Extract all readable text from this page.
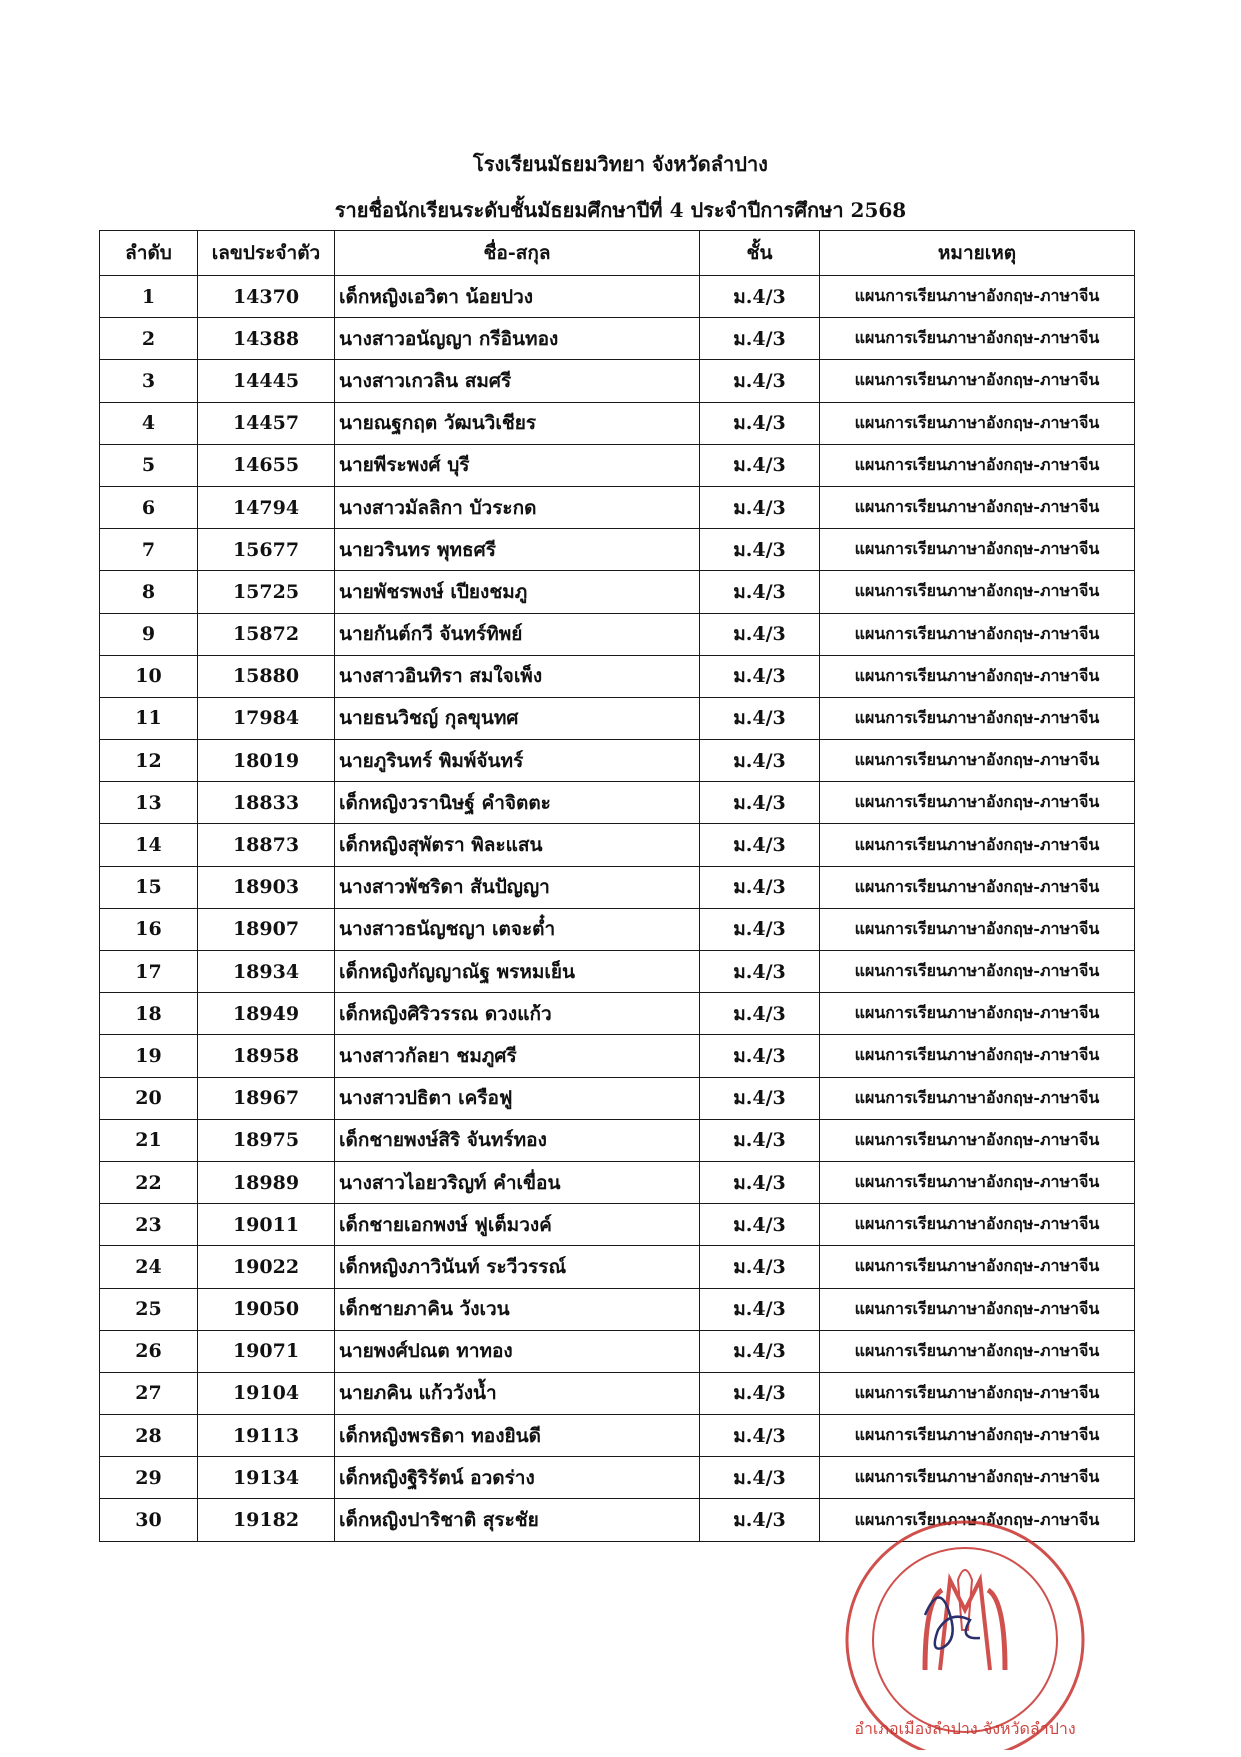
โรงเรียนมัธยมวิทยา จังหวัดลำปาง
รายชื่อนักเรียนระดับชั้นมัธยมศึกษาปีที่ 4 ประจำปีการศึกษา 2568
ลำดับ	เลขประจำตัว	ชื่อ-สกุล	ชั้น	หมายเหตุ
1	14370	เด็กหญิงเอวิตา น้อยปวง	ม.4/3	แผนการเรียนภาษาอังกฤษ-ภาษาจีน
2	14388	นางสาวอนัญญา กรีอินทอง	ม.4/3	แผนการเรียนภาษาอังกฤษ-ภาษาจีน
3	14445	นางสาวเกวลิน สมศรี	ม.4/3	แผนการเรียนภาษาอังกฤษ-ภาษาจีน
4	14457	นายณฐกฤต วัฒนวิเชียร	ม.4/3	แผนการเรียนภาษาอังกฤษ-ภาษาจีน
5	14655	นายพีระพงศ์ บุรี	ม.4/3	แผนการเรียนภาษาอังกฤษ-ภาษาจีน
6	14794	นางสาวมัลลิกา บัวระกด	ม.4/3	แผนการเรียนภาษาอังกฤษ-ภาษาจีน
7	15677	นายวรินทร พุทธศรี	ม.4/3	แผนการเรียนภาษาอังกฤษ-ภาษาจีน
8	15725	นายพัชรพงษ์ เปียงชมภู	ม.4/3	แผนการเรียนภาษาอังกฤษ-ภาษาจีน
9	15872	นายกันต์กวี จันทร์ทิพย์	ม.4/3	แผนการเรียนภาษาอังกฤษ-ภาษาจีน
10	15880	นางสาวอินทิรา สมใจเพ็ง	ม.4/3	แผนการเรียนภาษาอังกฤษ-ภาษาจีน
11	17984	นายธนวิชญ์ กุลขุนทศ	ม.4/3	แผนการเรียนภาษาอังกฤษ-ภาษาจีน
12	18019	นายภูรินทร์ พิมพ์จันทร์	ม.4/3	แผนการเรียนภาษาอังกฤษ-ภาษาจีน
13	18833	เด็กหญิงวรานิษฐ์ คำจิตตะ	ม.4/3	แผนการเรียนภาษาอังกฤษ-ภาษาจีน
14	18873	เด็กหญิงสุพัตรา พิละแสน	ม.4/3	แผนการเรียนภาษาอังกฤษ-ภาษาจีน
15	18903	นางสาวพัชริดา สันปัญญา	ม.4/3	แผนการเรียนภาษาอังกฤษ-ภาษาจีน
16	18907	นางสาวธนัญชญา เตจะต๋ำ	ม.4/3	แผนการเรียนภาษาอังกฤษ-ภาษาจีน
17	18934	เด็กหญิงกัญญาณัฐ พรหมเย็น	ม.4/3	แผนการเรียนภาษาอังกฤษ-ภาษาจีน
18	18949	เด็กหญิงศิริวรรณ ดวงแก้ว	ม.4/3	แผนการเรียนภาษาอังกฤษ-ภาษาจีน
19	18958	นางสาวกัลยา ชมภูศรี	ม.4/3	แผนการเรียนภาษาอังกฤษ-ภาษาจีน
20	18967	นางสาวปธิตา เครือฟู	ม.4/3	แผนการเรียนภาษาอังกฤษ-ภาษาจีน
21	18975	เด็กชายพงษ์สิริ จันทร์ทอง	ม.4/3	แผนการเรียนภาษาอังกฤษ-ภาษาจีน
22	18989	นางสาวไอยวริญท์ คำเขื่อน	ม.4/3	แผนการเรียนภาษาอังกฤษ-ภาษาจีน
23	19011	เด็กชายเอกพงษ์ ฟูเต็มวงค์	ม.4/3	แผนการเรียนภาษาอังกฤษ-ภาษาจีน
24	19022	เด็กหญิงภาวินันท์ ระวีวรรณ์	ม.4/3	แผนการเรียนภาษาอังกฤษ-ภาษาจีน
25	19050	เด็กชายภาคิน วังเวน	ม.4/3	แผนการเรียนภาษาอังกฤษ-ภาษาจีน
26	19071	นายพงศ์ปณต ทาทอง	ม.4/3	แผนการเรียนภาษาอังกฤษ-ภาษาจีน
27	19104	นายภคิน แก้ววังน้ำ	ม.4/3	แผนการเรียนภาษาอังกฤษ-ภาษาจีน
28	19113	เด็กหญิงพรธิดา ทองยินดี	ม.4/3	แผนการเรียนภาษาอังกฤษ-ภาษาจีน
29	19134	เด็กหญิงฐิริรัตน์ อวดร่าง	ม.4/3	แผนการเรียนภาษาอังกฤษ-ภาษาจีน
30	19182	เด็กหญิงปาริชาติ สุระชัย	ม.4/3	แผนการเรียนภาษาอังกฤษ-ภาษาจีน
อำเภอเมืองลำปาง จังหวัดลำปาง
